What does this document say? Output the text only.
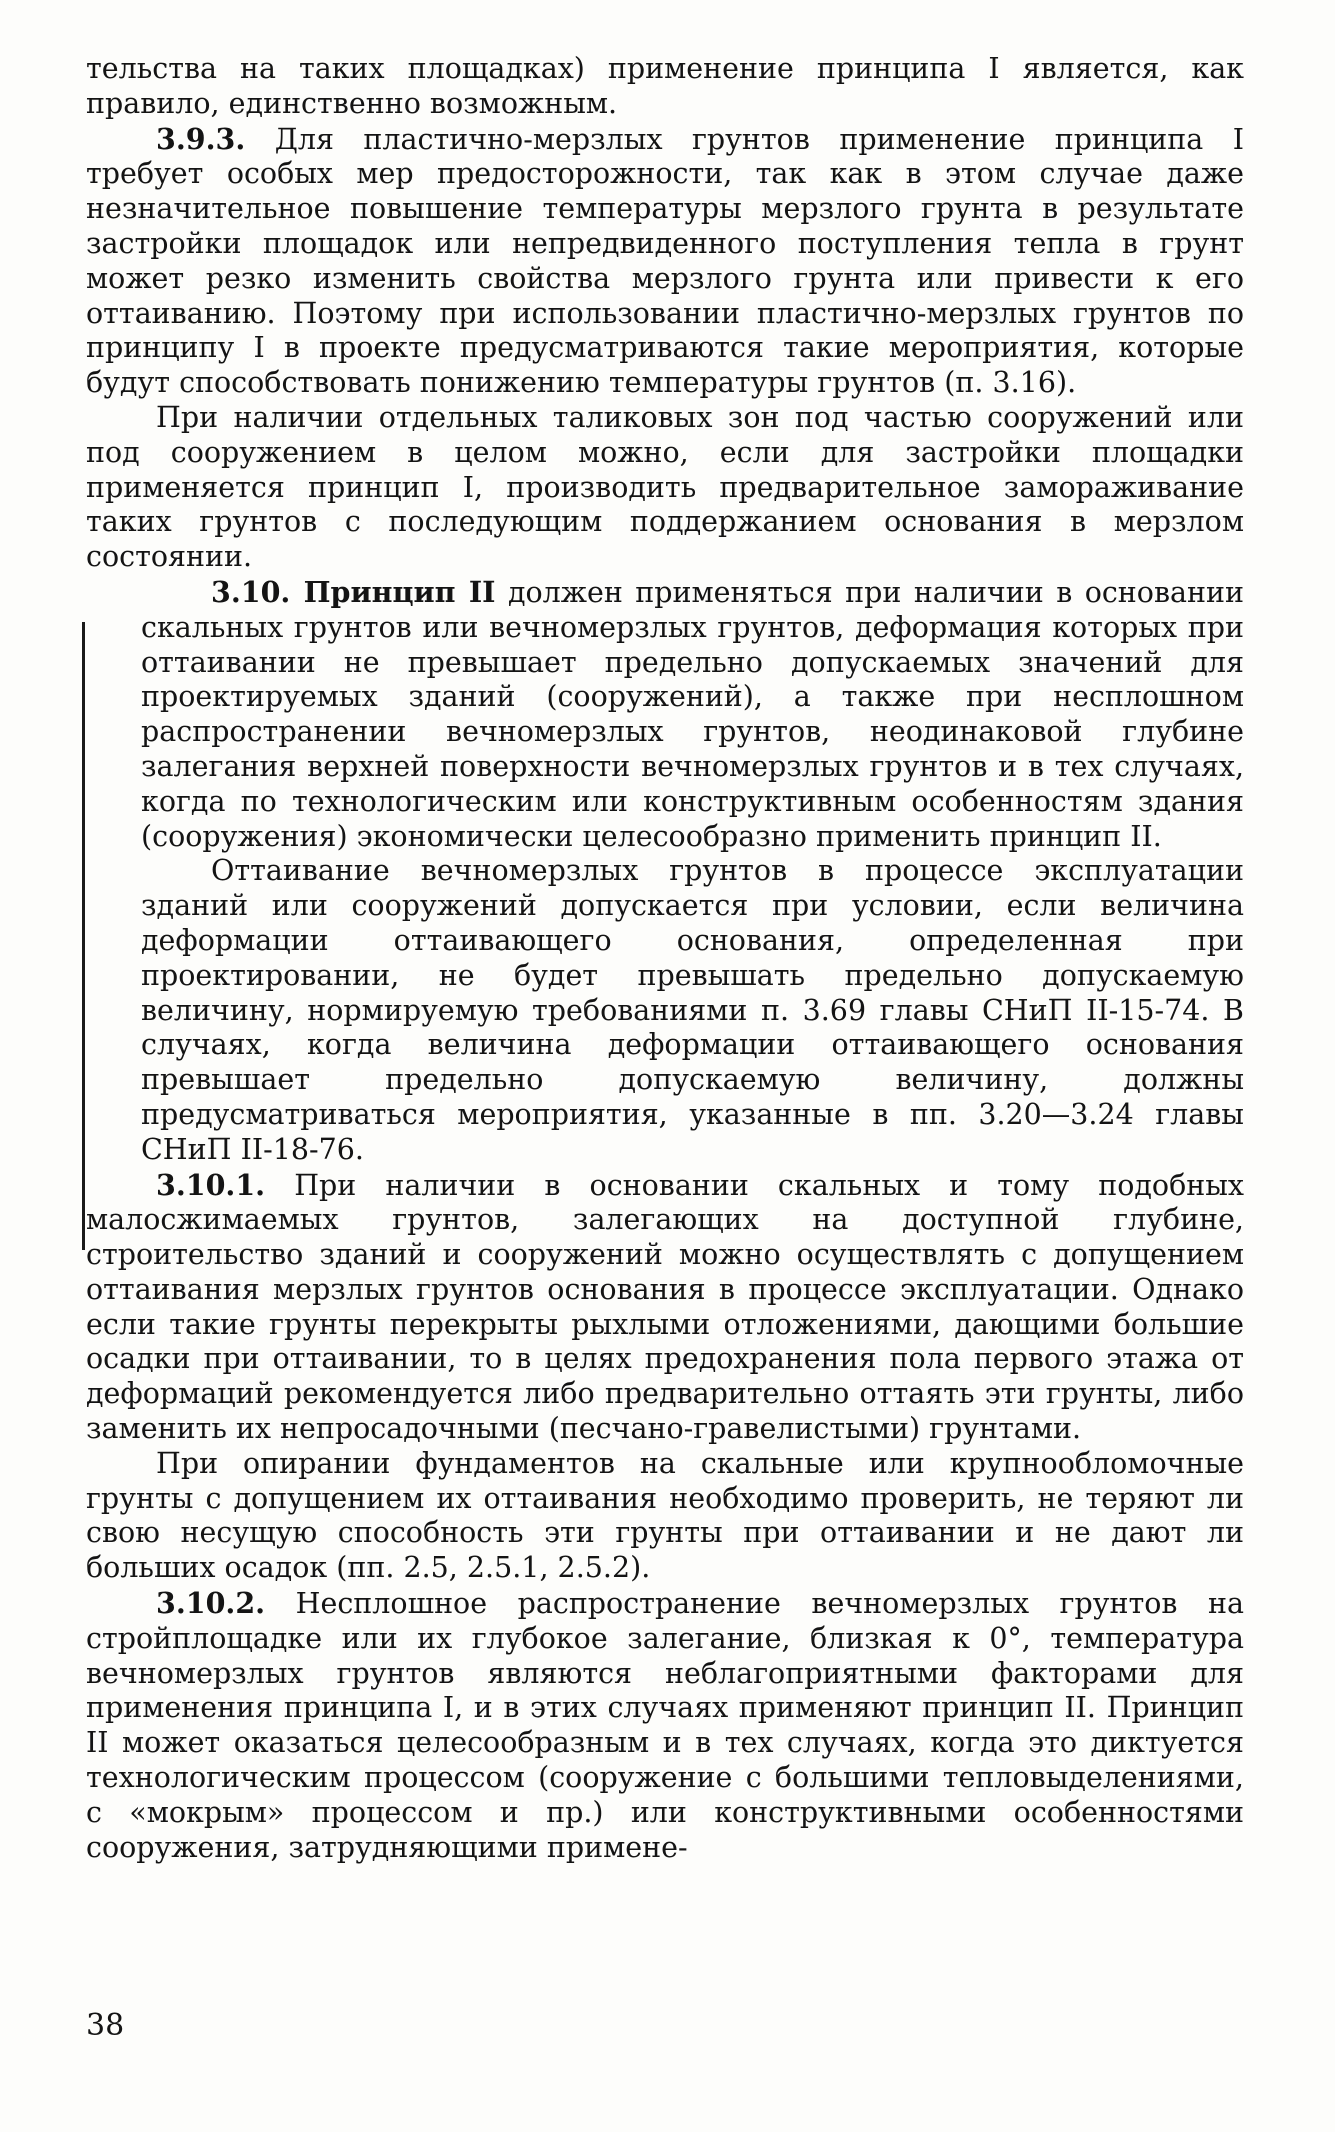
тельства на таких площадках) применение принципа I является, как правило, единственно возможным.

3.9.3. Для пластично-мерзлых грунтов применение принципа I требует особых мер предосторожности, так как в этом случае даже незначительное повышение температуры мерзлого грунта в результате застройки площадок или непредвиденного поступления тепла в грунт может резко изменить свойства мерзлого грунта или привести к его оттаиванию. Поэтому при использовании пластично-мерзлых грунтов по принципу I в проекте предусматриваются такие мероприятия, которые будут способствовать понижению температуры грунтов (п. 3.16).

При наличии отдельных таликовых зон под частью сооружений или под сооружением в целом можно, если для застройки площадки применяется принцип I, производить предварительное замораживание таких грунтов с последующим поддержанием основания в мерзлом состоянии.

3.10. Принцип II должен применяться при наличии в основании скальных грунтов или вечномерзлых грунтов, деформация которых при оттаивании не превышает предельно допускаемых значений для проектируемых зданий (сооружений), а также при несплошном распространении вечномерзлых грунтов, неодинаковой глубине залегания верхней поверхности вечномерзлых грунтов и в тех случаях, когда по технологическим или конструктивным особенностям здания (сооружения) экономически целесообразно применить принцип II.

Оттаивание вечномерзлых грунтов в процессе эксплуатации зданий или сооружений допускается при условии, если величина деформации оттаивающего основания, определенная при проектировании, не будет превышать предельно допускаемую величину, нормируемую требованиями п. 3.69 главы СНиП II-15-74. В случаях, когда величина деформации оттаивающего основания превышает предельно допускаемую величину, должны предусматриваться мероприятия, указанные в пп. 3.20—3.24 главы СНиП II-18-76.

3.10.1. При наличии в основании скальных и тому подобных малосжимаемых грунтов, залегающих на доступной глубине, строительство зданий и сооружений можно осуществлять с допущением оттаивания мерзлых грунтов основания в процессе эксплуатации. Однако если такие грунты перекрыты рыхлыми отложениями, дающими большие осадки при оттаивании, то в целях предохранения пола первого этажа от деформаций рекомендуется либо предварительно оттаять эти грунты, либо заменить их непросадочными (песчано-гравелистыми) грунтами.

При опирании фундаментов на скальные или крупнообломочные грунты с допущением их оттаивания необходимо проверить, не теряют ли свою несущую способность эти грунты при оттаивании и не дают ли больших осадок (пп. 2.5, 2.5.1, 2.5.2).

3.10.2. Несплошное распространение вечномерзлых грунтов на стройплощадке или их глубокое залегание, близкая к 0°, температура вечномерзлых грунтов являются неблагоприятными факторами для применения принципа I, и в этих случаях применяют принцип II. Принцип II может оказаться целесообразным и в тех случаях, когда это диктуется технологическим процессом (сооружение с большими тепловыделениями, с «мокрым» процессом и пр.) или конструктивными особенностями сооружения, затрудняющими примене-

38
